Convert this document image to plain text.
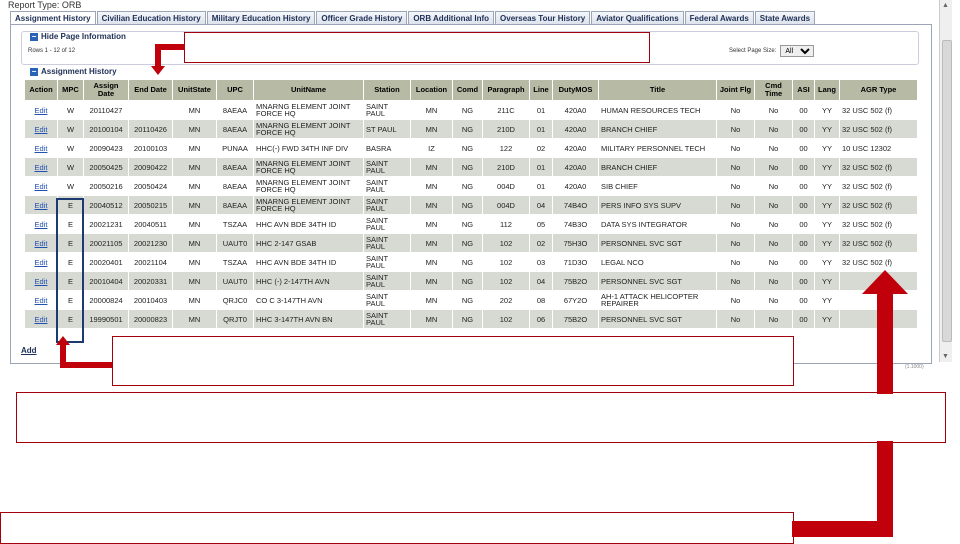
Report Type: ORB
Assignment History	Civilian Education History	Military Education History	Officer Grade History	ORB Additional Info	Overseas Tour History	Aviator Qualifications	Federal Awards	State Awards
▲
▼
− Hide Page Information
Rows 1 - 12 of 12	Select Page Size:
All
− Assignment History
Action	MPC	Assign Date	End Date	UnitState	UPC	UnitName	Station	Location	Comd	Paragraph	Line	DutyMOS	Title	Joint Flg	Cmd Time	ASI	Lang	AGR Type
Edit	W	20110427		MN	8AEAA	MNARNG ELEMENT JOINT FORCE HQ	SAINT PAUL	MN	NG	211C	01	420A0	HUMAN RESOURCES TECH	No	No	00	YY	32 USC 502 (f)
Edit	W	20100104	20110426	MN	8AEAA	MNARNG ELEMENT JOINT FORCE HQ	ST PAUL	MN	NG	210D	01	420A0	BRANCH CHIEF	No	No	00	YY	32 USC 502 (f)
Edit	W	20090423	20100103	MN	PUNAA	HHC(-) FWD 34TH INF DIV	BASRA	IZ	NG	122	02	420A0	MILITARY PERSONNEL TECH	No	No	00	YY	10 USC 12302
Edit	W	20050425	20090422	MN	8AEAA	MNARNG ELEMENT JOINT FORCE HQ	SAINT PAUL	MN	NG	210D	01	420A0	BRANCH CHIEF	No	No	00	YY	32 USC 502 (f)
Edit	W	20050216	20050424	MN	8AEAA	MNARNG ELEMENT JOINT FORCE HQ	SAINT PAUL	MN	NG	004D	01	420A0	SIB CHIEF	No	No	00	YY	32 USC 502 (f)
Edit	E	20040512	20050215	MN	8AEAA	MNARNG ELEMENT JOINT FORCE HQ	SAINT PAUL	MN	NG	004D	04	74B4O	PERS INFO SYS SUPV	No	No	00	YY	32 USC 502 (f)
Edit	E	20021231	20040511	MN	TSZAA	HHC AVN BDE 34TH ID	SAINT PAUL	MN	NG	112	05	74B3O	DATA SYS INTEGRATOR	No	No	00	YY	32 USC 502 (f)
Edit	E	20021105	20021230	MN	UAUT0	HHC 2-147 GSAB	SAINT PAUL	MN	NG	102	02	75H3O	PERSONNEL SVC SGT	No	No	00	YY	32 USC 502 (f)
Edit	E	20020401	20021104	MN	TSZAA	HHC AVN BDE 34TH ID	SAINT PAUL	MN	NG	102	03	71D3O	LEGAL NCO	No	No	00	YY	32 USC 502 (f)
Edit	E	20010404	20020331	MN	UAUT0	HHC (-) 2-147TH AVN	SAINT PAUL	MN	NG	102	04	75B2O	PERSONNEL SVC SGT	No	No	00	YY	
Edit	E	20000824	20010403	MN	QRJC0	CO C 3-147TH AVN	SAINT PAUL	MN	NG	202	08	67Y2O	AH-1 ATTACK HELICOPTER REPAIRER	No	No	00	YY	
Edit	E	19990501	20000823	MN	QRJT0	HHC 3-147TH AVN BN	SAINT PAUL	MN	NG	102	06	75B2O	PERSONNEL SVC SGT	No	No	00	YY	
Add
(1.1000)
